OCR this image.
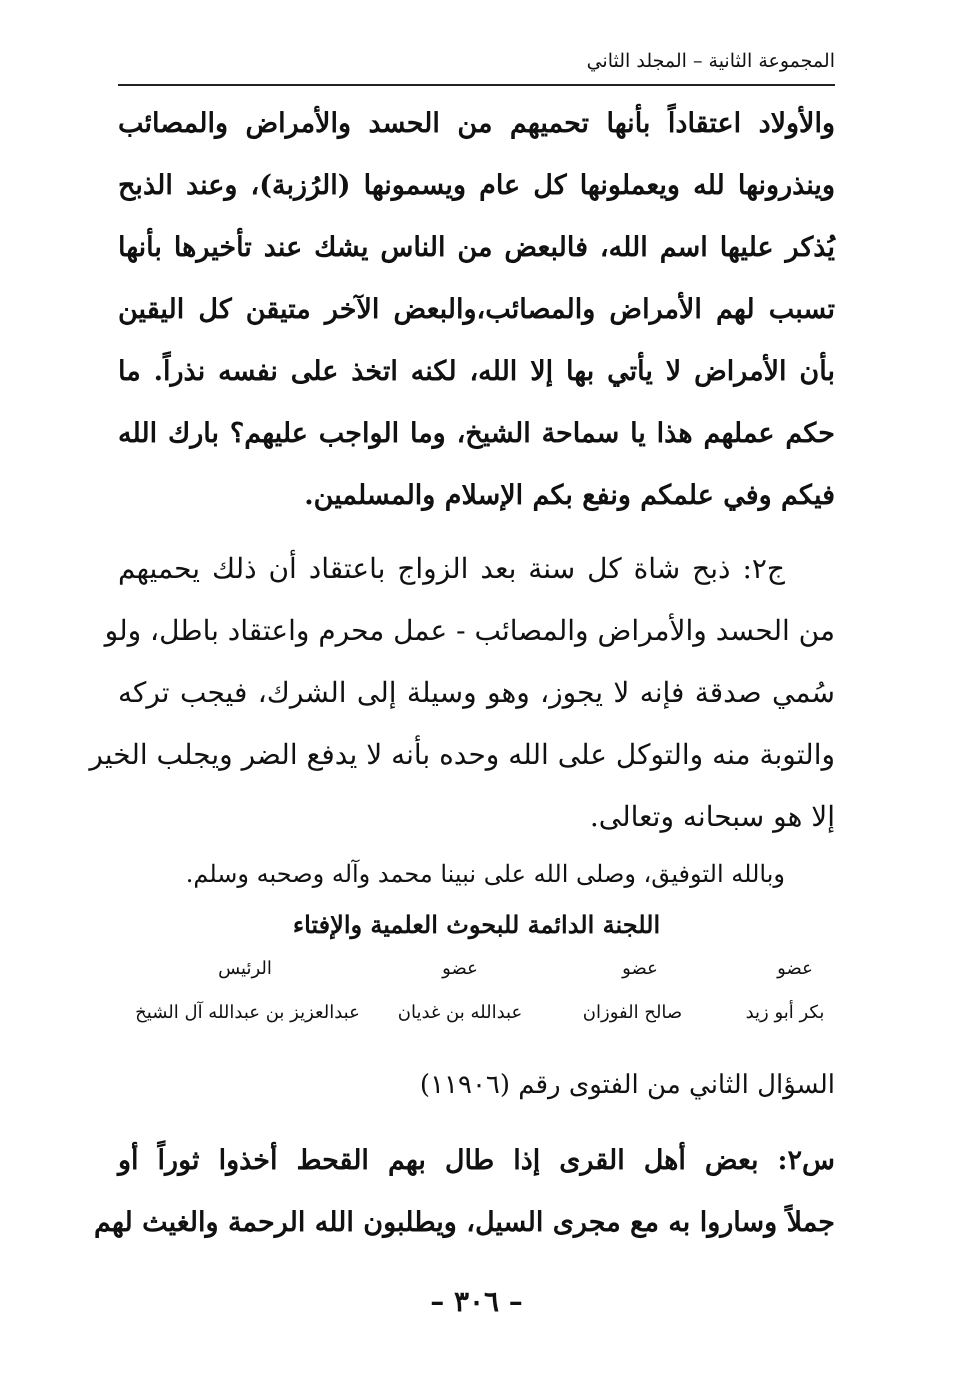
المجموعة الثانية – المجلد الثاني
والأولاد اعتقاداً بأنها تحميهم من الحسد والأمراض والمصائب
وينذرونها لله ويعملونها كل عام ويسمونها (الرُزبة)، وعند الذبح
يُذكر عليها اسم الله، فالبعض من الناس يشك عند تأخيرها بأنها
تسبب لهم الأمراض والمصائب،والبعض الآخر متيقن كل اليقين
بأن الأمراض لا يأتي بها إلا الله، لكنه اتخذ على نفسه نذراً. ما
حكم عملهم هذا يا سماحة الشيخ، وما الواجب عليهم؟ بارك الله
فيكم وفي علمكم ونفع بكم الإسلام والمسلمين.
ج٢: ذبح شاة كل سنة بعد الزواج باعتقاد أن ذلك يحميهم
من الحسد والأمراض والمصائب - عمل محرم واعتقاد باطل، ولو
سُمي صدقة فإنه لا يجوز، وهو وسيلة إلى الشرك، فيجب تركه
والتوبة منه والتوكل على الله وحده بأنه لا يدفع الضر ويجلب الخير
إلا هو سبحانه وتعالى.
وبالله التوفيق، وصلى الله على نبينا محمد وآله وصحبه وسلم.
اللجنة الدائمة للبحوث العلمية والإفتاء
عضو
عضو
عضو
الرئيس
بكر أبو زيد
صالح الفوزان
عبدالله بن غديان
عبدالعزيز بن عبدالله آل الشيخ
السؤال الثاني من الفتوى رقم (١١٩٠٦)
س٢: بعض أهل القرى إذا طال بهم القحط أخذوا ثوراً أو
جملاً وساروا به مع مجرى السيل، ويطلبون الله الرحمة والغيث لهم
– ٣٠٦ –
